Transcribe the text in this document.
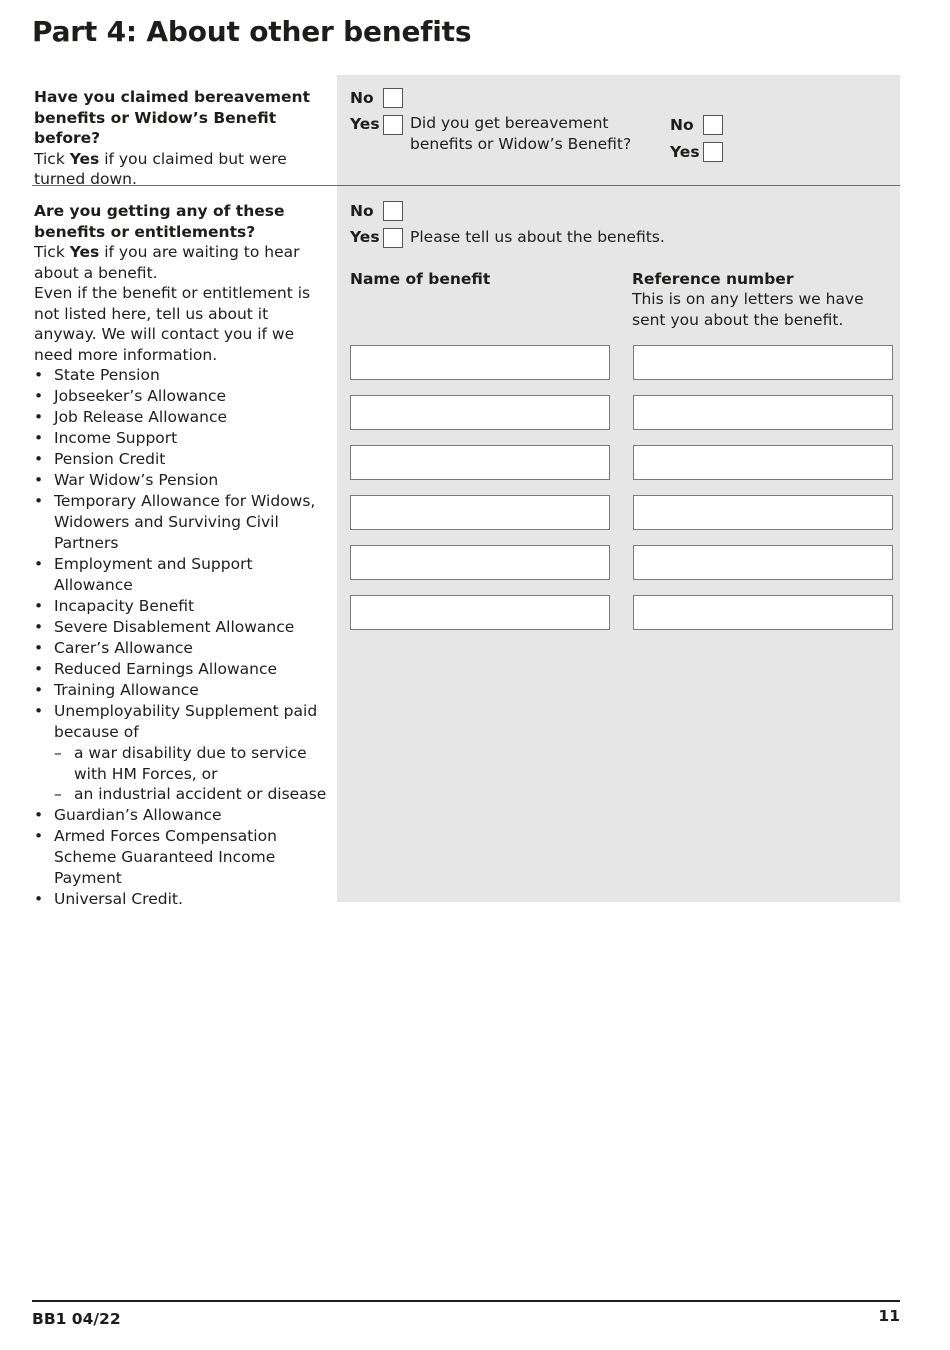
Part 4: About other benefits
Have you claimed bereavement benefits or Widow’s Benefit before?
Tick Yes if you claimed but were turned down.
No
Yes Did you get bereavement benefits or Widow’s Benefit?
No
Yes
Are you getting any of these benefits or entitlements?
Tick Yes if you are waiting to hear about a benefit.
Even if the benefit or entitlement is not listed here, tell us about it anyway. We will contact you if we need more information.
• State Pension
• Jobseeker’s Allowance
• Job Release Allowance
• Income Support
• Pension Credit
• War Widow’s Pension
• Temporary Allowance for Widows, Widowers and Surviving Civil Partners
• Employment and Support Allowance
• Incapacity Benefit
• Severe Disablement Allowance
• Carer’s Allowance
• Reduced Earnings Allowance
• Training Allowance
• Unemployability Supplement paid because of
– a war disability due to service with HM Forces, or
– an industrial accident or disease
• Guardian’s Allowance
• Armed Forces Compensation Scheme Guaranteed Income Payment
• Universal Credit.
No
Yes Please tell us about the benefits.
Name of benefit	Reference number
This is on any letters we have sent you about the benefit.
BB1 04/22	11
